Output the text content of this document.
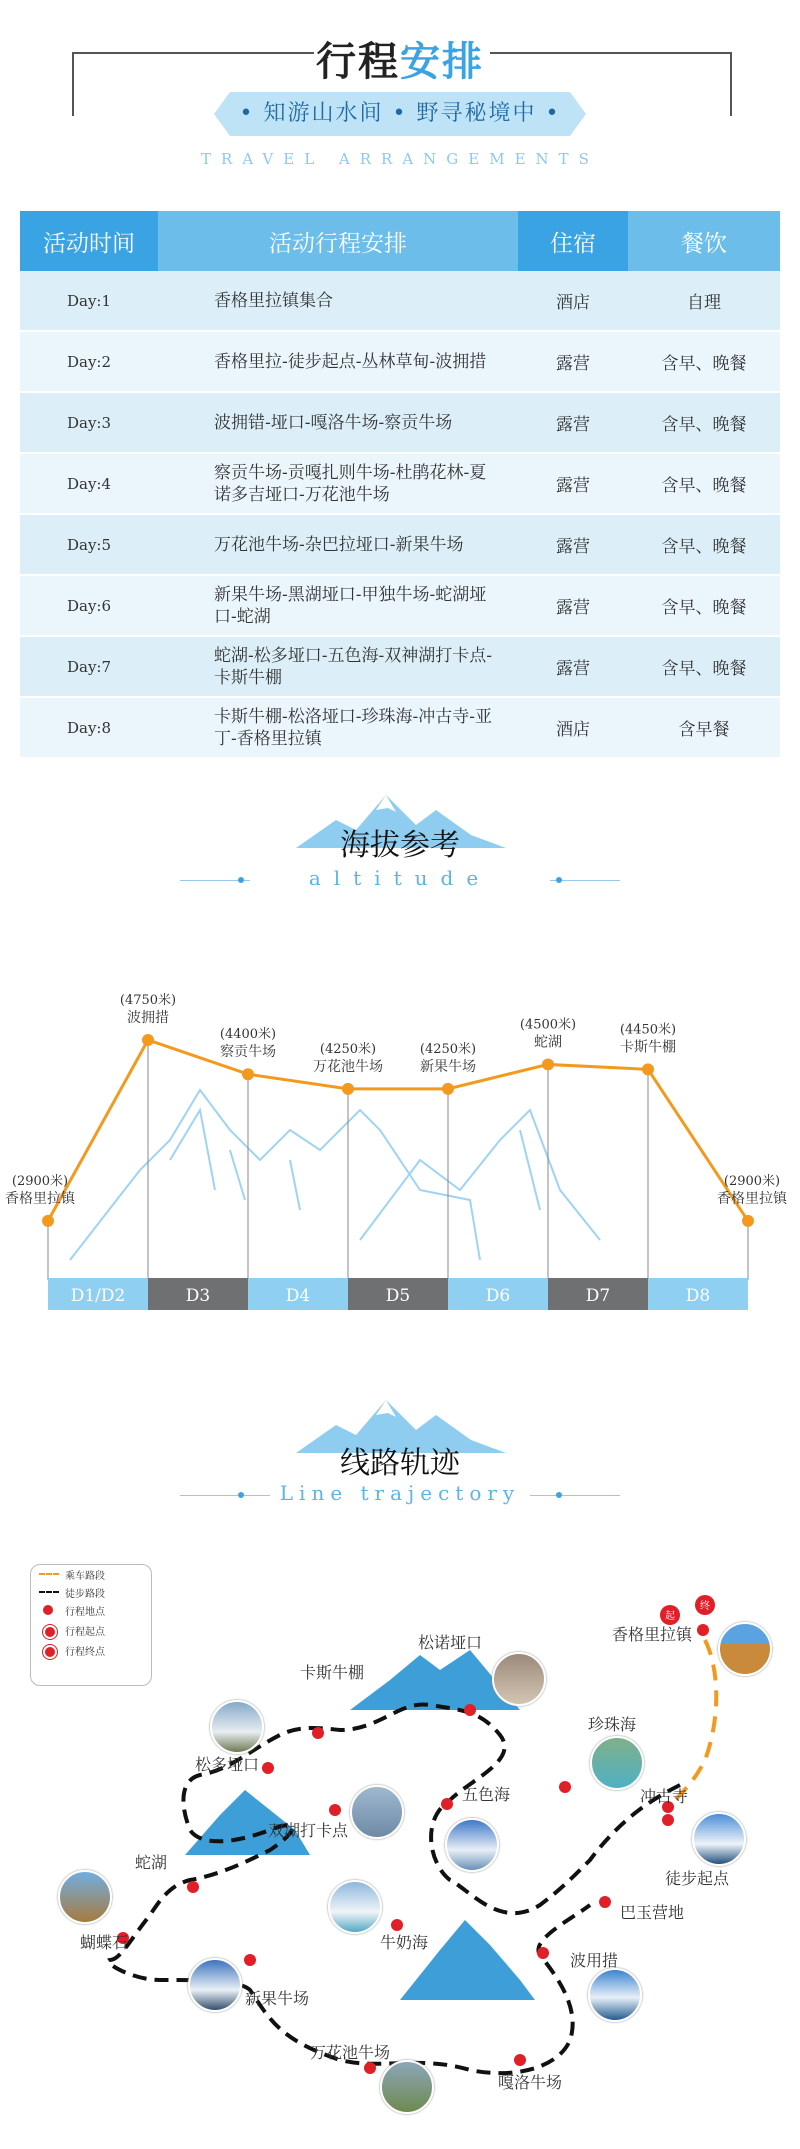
行程安排
• 知游山水间 • 野寻秘境中 •
TRAVEL ARRANGEMENTS
活动时间	活动行程安排	住宿	餐饮
Day:1	香格里拉镇集合	酒店	自理
Day:2	香格里拉-徒步起点-丛林草甸-波拥措	露营	含早、晚餐
Day:3	波拥错-垭口-嘎洛牛场-察贡牛场	露营	含早、晚餐
Day:4	察贡牛场-贡嘎扎则牛场-杜鹃花林-夏诺多吉垭口-万花池牛场	露营	含早、晚餐
Day:5	万花池牛场-杂巴拉垭口-新果牛场	露营	含早、晚餐
Day:6	新果牛场-黑湖垭口-甲独牛场-蛇湖垭口-蛇湖	露营	含早、晚餐
Day:7	蛇湖-松多垭口-五色海-双神湖打卡点-卡斯牛棚	露营	含早、晚餐
Day:8	卡斯牛棚-松洛垭口-珍珠海-冲古寺-亚丁-香格里拉镇	酒店	含早餐
海拔参考
altitude
(2900米)
香格里拉镇
(4750米)
波拥措
(4400米)
察贡牛场	(4250米)
万花池牛场
(4250米)
新果牛场
(4500米)
蛇湖
(4450米)
卡斯牛棚
(2900米)
香格里拉镇
D1/D2	D3	D4	D5	D6	D7	D8
线路轨迹
Line trajectory
乘车路段
徒步路段
行程地点
行程起点
行程终点
起
终
香格里拉镇
松诺垭口
卡斯牛棚
珍珠海
冲古寺
松多垭口
五色海
双湖打卡点
徒步起点
蛇湖
巴玉营地
蝴蝶石	牛奶海
波用措
新果牛场
万花池牛场
嘎洛牛场
